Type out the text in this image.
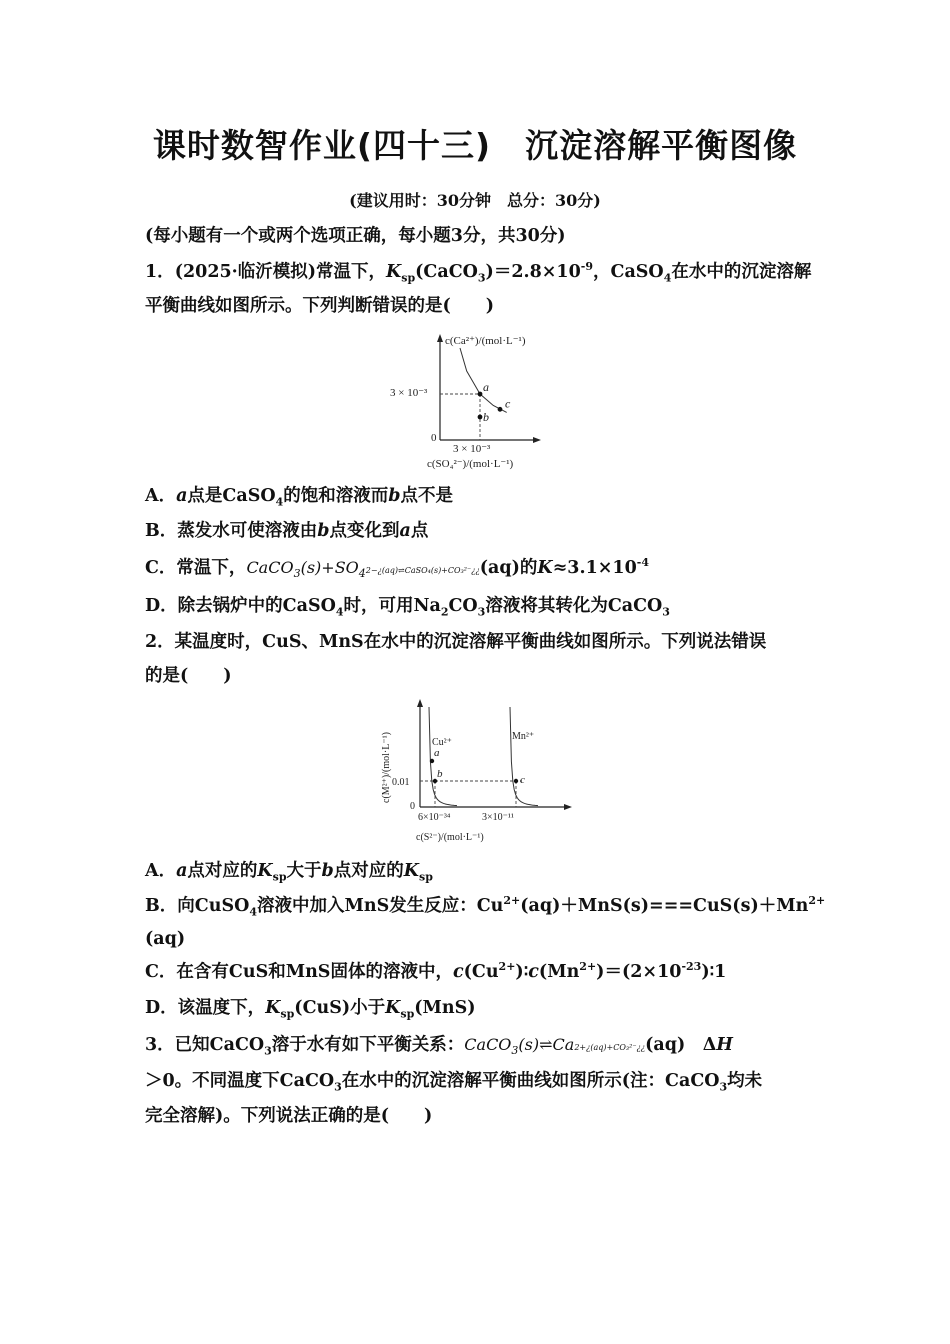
课时数智作业(四十三)　沉淀溶解平衡图像
(建议用时：30分钟　总分：30分)
(每小题有一个或两个选项正确，每小题3分，共30分)
1．(2025·临沂模拟)常温下，$K_{sp}(CaCO_3)=2.8\times 10^{-9}$，CaSO$_4$在水中的沉淀溶解
平衡曲线如图所示。下列判断错误的是(　　)
a
b
c
c(Ca²⁺)/(mol·L⁻¹)
3 × 10⁻³
0
3 × 10⁻³
c(SO₄²⁻)/(mol·L⁻¹)
A．a点是CaSO$_4$的饱和溶液而b点不是
B．蒸发水可使溶液由b点变化到a点
C．常温下，$CaCO_3(s)+SO_42-¿(aq)\rightleftharpoons CaSO_4(s)+CO_3^{2-}¿¿(aq)$的$K\approx 3.1\times 10^{-4}$
D．除去锅炉中的CaSO$_4$时，可用$Na_2CO_3$溶液将其转化为CaCO$_3$
2．某温度时，CuS、MnS在水中的沉淀溶解平衡曲线如图所示。下列说法错误
的是(　　)
a
b	c
Cu²⁺
Mn²⁺
0.01
0
6×10⁻³⁴	3×10⁻¹¹
c(S²⁻)/(mol·L⁻¹)
c(M²⁺)/(mol·L⁻¹)
A．a点对应的$K_{sp}$大于b点对应的$K_{sp}$
B．向CuSO$_4$溶液中加入MnS发生反应：$Cu^{2+}(aq)+MnS(s)===CuS(s)+Mn^{2+}$
(aq)
C．在含有CuS和MnS固体的溶液中，$c(Cu^{2+})∶c(Mn^{2+})=(2\times 10^{-23})∶1$
D．该温度下，$K_{sp}(CuS)$小于$K_{sp}(MnS)$
3．已知CaCO$_3$溶于水有如下平衡关系：CaCO$_3$(s)⇌Ca2+¿(aq)+CO₃²⁻¿¿(aq)　ΔH
＞0。不同温度下CaCO$_3$在水中的沉淀溶解平衡曲线如图所示(注：CaCO$_3$均未
完全溶解)。下列说法正确的是(　　)
